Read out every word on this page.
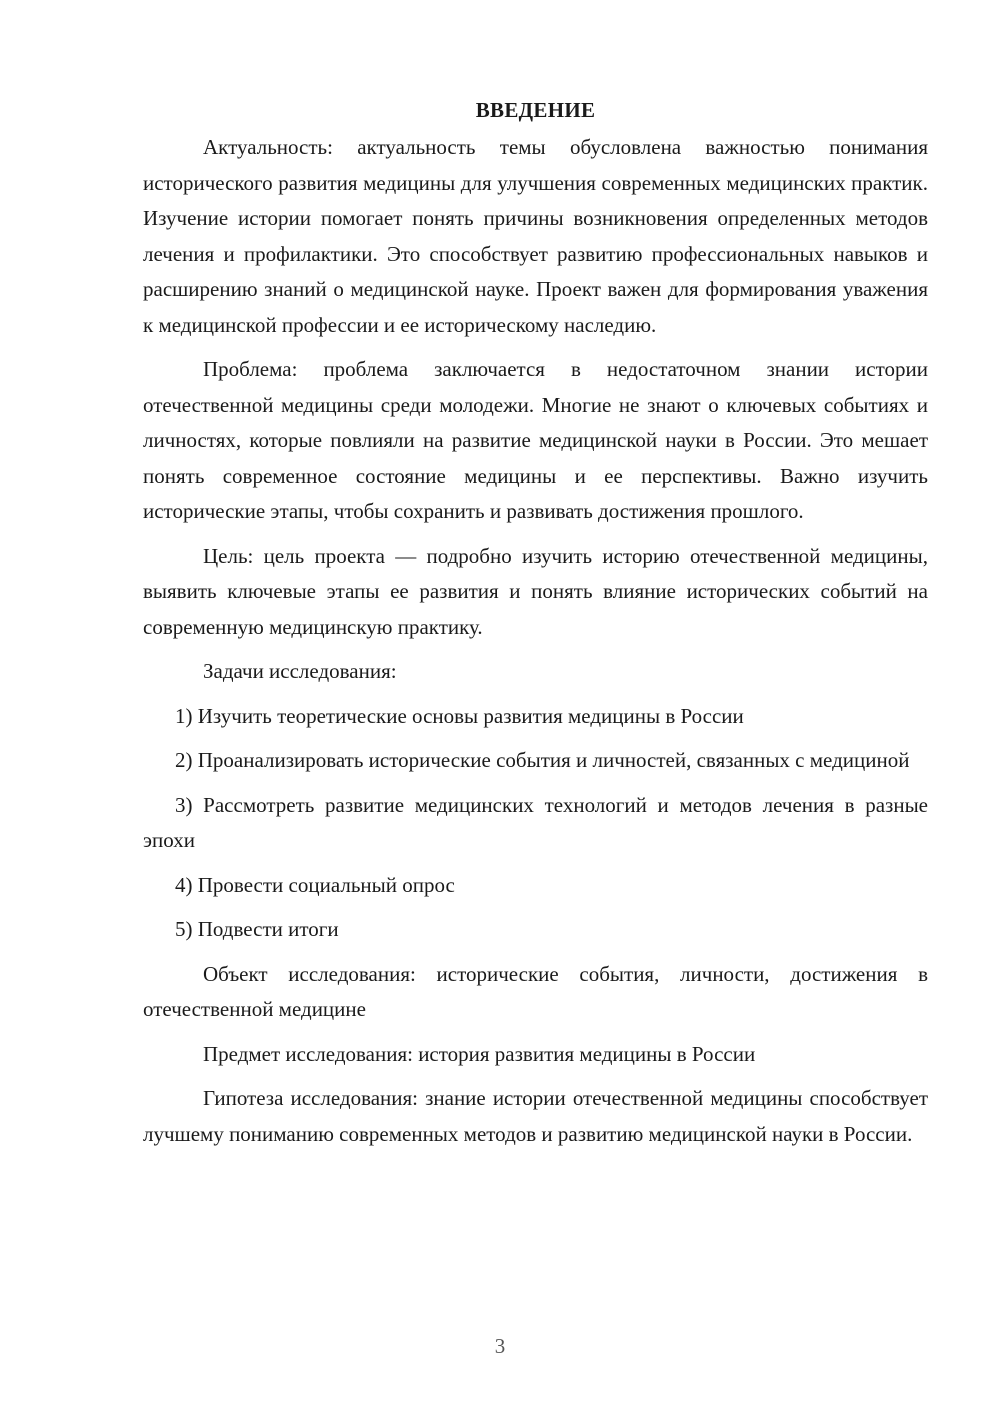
ВВЕДЕНИЕ

Актуальность: актуальность темы обусловлена важностью понимания исторического развития медицины для улучшения современных медицинских практик. Изучение истории помогает понять причины возникновения определенных методов лечения и профилактики. Это способствует развитию профессиональных навыков и расширению знаний о медицинской науке. Проект важен для формирования уважения к медицинской профессии и ее историческому наследию.

Проблема: проблема заключается в недостаточном знании истории отечественной медицины среди молодежи. Многие не знают о ключевых событиях и личностях, которые повлияли на развитие медицинской науки в России. Это мешает понять современное состояние медицины и ее перспективы. Важно изучить исторические этапы, чтобы сохранить и развивать достижения прошлого.

Цель: цель проекта — подробно изучить историю отечественной медицины, выявить ключевые этапы ее развития и понять влияние исторических событий на современную медицинскую практику.

Задачи исследования:

1) Изучить теоретические основы развития медицины в России

2) Проанализировать исторические события и личностей, связанных с медициной

3) Рассмотреть развитие медицинских технологий и методов лечения в разные эпохи

4) Провести социальный опрос

5) Подвести итоги

Объект исследования: исторические события, личности, достижения в отечественной медицине

Предмет исследования: история развития медицины в России

Гипотеза исследования: знание истории отечественной медицины способствует лучшему пониманию современных методов и развитию медицинской науки в России.

3
